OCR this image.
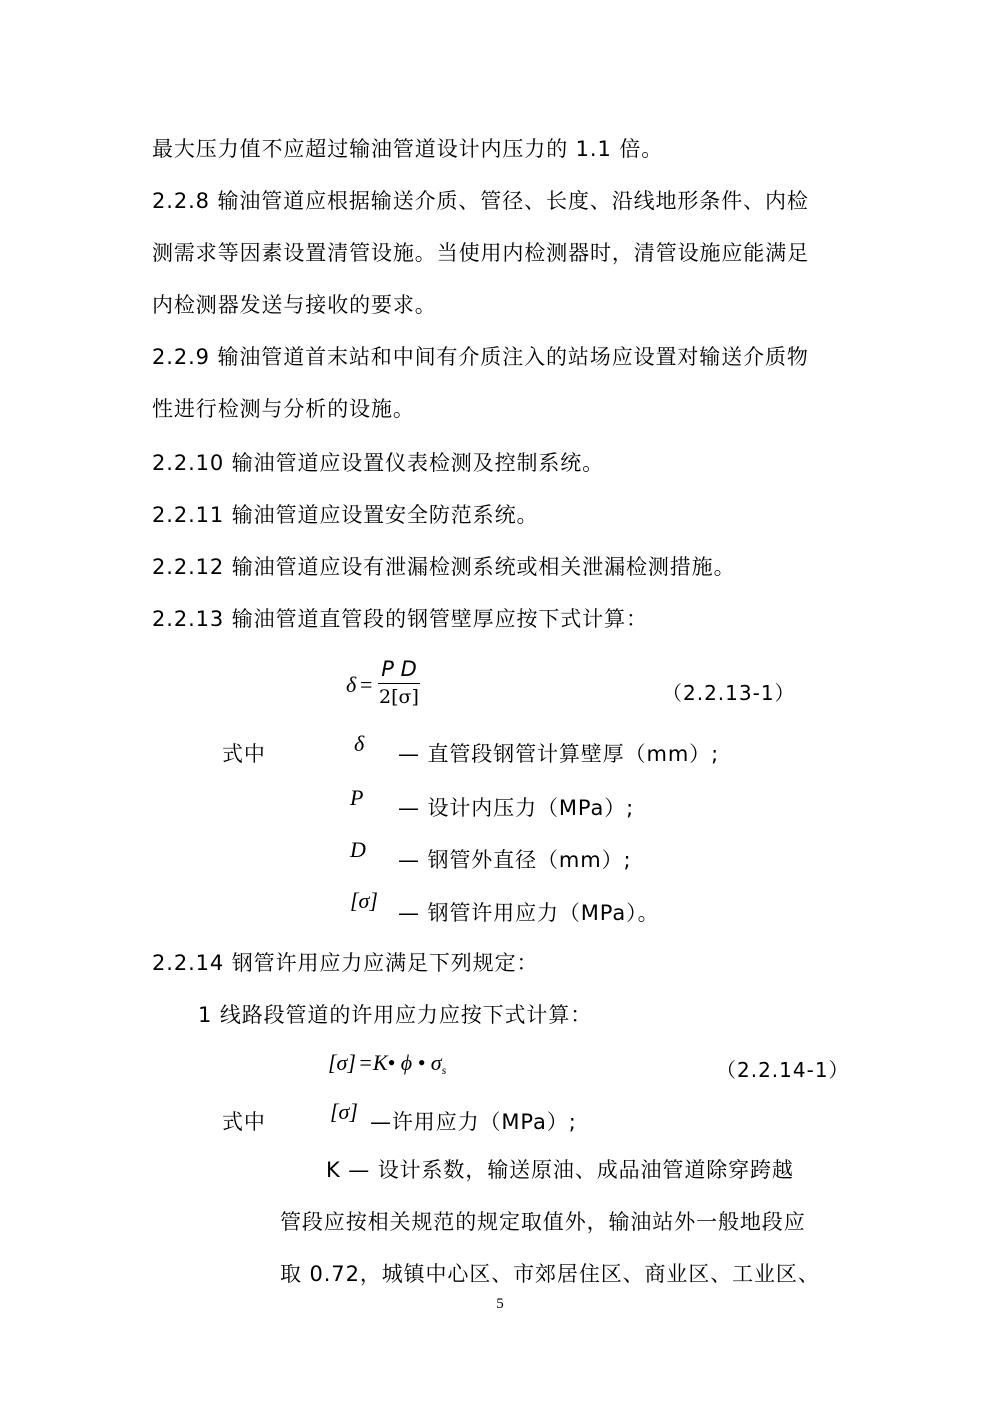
最大压力值不应超过输油管道设计内压力的 1.1 倍。
2.2.8 输油管道应根据输送介质、管径、长度、沿线地形条件、内检
测需求等因素设置清管设施。当使用内检测器时，清管设施应能满足
内检测器发送与接收的要求。
2.2.9 输油管道首末站和中间有介质注入的站场应设置对输送介质物
性进行检测与分析的设施。
2.2.10 输油管道应设置仪表检测及控制系统。
2.2.11 输油管道应设置安全防范系统。
2.2.12 输油管道应设有泄漏检测系统或相关泄漏检测措施。
2.2.13 输油管道直管段的钢管壁厚应按下式计算：
δ =
P D
2[σ]	（2.2.13-1）
式中	δ — 直管段钢管计算壁厚（mm）;
P — 设计内压力（MPa）;
D — 钢管外直径（mm）;
[σ] — 钢管许用应力（MPa）。
2.2.14 钢管许用应力应满足下列规定：
1 线路段管道的许用应力应按下式计算：
[σ] =K• ϕ • $\sigma_s$	（2.2.14-1）
式中	[σ] —许用应力（MPa）;
K — 设计系数，输送原油、成品油管道除穿跨越
管段应按相关规范的规定取值外，输油站外一般地段应
取 0.72，城镇中心区、市郊居住区、商业区、工业区、
5
